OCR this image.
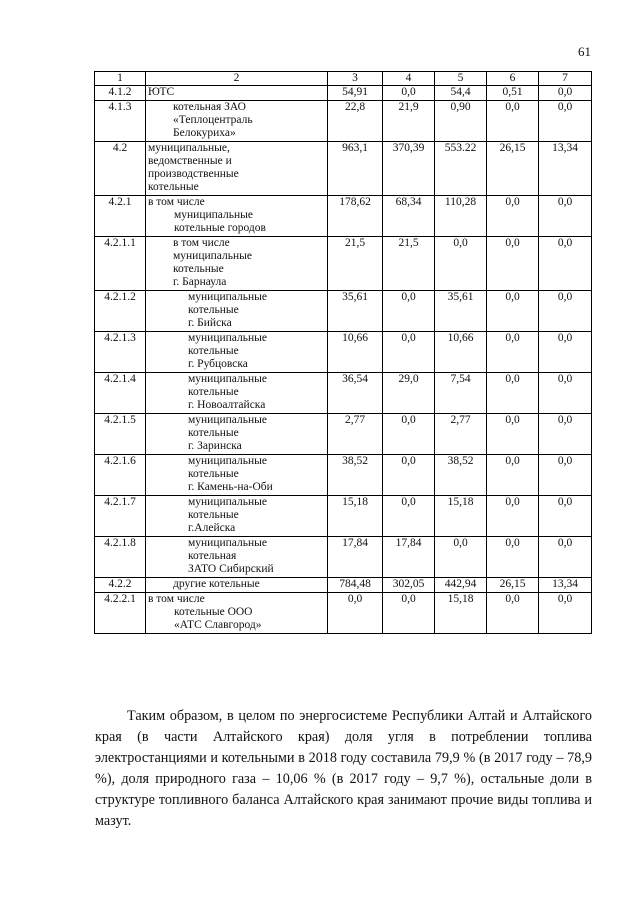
61
1	2	3	4	5	6	7
4.1.2	ЮТС	54,91	0,0	54,4	0,51	0,0
4.1.3	котельная ЗАО
«Теплоцентраль
Белокуриха»	22,8	21,9	0,90	0,0	0,0
4.2	муниципальные,
ведомственные и
производственные
котельные	963,1	370,39	553.22	26,15	13,34
4.2.1	в том числе
муниципальные
котельные городов	178,62	68,34	110,28	0,0	0,0
4.2.1.1	в том числе
муниципальные
котельные
г. Барнаула	21,5	21,5	0,0	0,0	0,0
4.2.1.2	муниципальные
котельные
г. Бийска	35,61	0,0	35,61	0,0	0,0
4.2.1.3	муниципальные
котельные
г. Рубцовска	10,66	0,0	10,66	0,0	0,0
4.2.1.4	муниципальные
котельные
г. Новоалтайска	36,54	29,0	7,54	0,0	0,0
4.2.1.5	муниципальные
котельные
г. Заринска	2,77	0,0	2,77	0,0	0,0
4.2.1.6	муниципальные
котельные
г. Камень-на-Оби	38,52	0,0	38,52	0,0	0,0
4.2.1.7	муниципальные
котельные
г.Алейска	15,18	0,0	15,18	0,0	0,0
4.2.1.8	муниципальные
котельная
ЗАТО Сибирский	17,84	17,84	0,0	0,0	0,0
4.2.2	другие котельные	784,48	302,05	442,94	26,15	13,34
4.2.2.1	в том числе
котельные ООО
«АТС Славгород»	0,0	0,0	15,18	0,0	0,0
Таким образом, в целом по энергосистеме Республики Алтай и Алтайского края (в части Алтайского края) доля угля в потреблении топлива электростанциями и котельными в 2018 году составила 79,9 % (в 2017 году – 78,9 %), доля природного газа – 10,06 % (в 2017 году – 9,7 %), остальные доли в структуре топливного баланса Алтайского края занимают прочие виды топлива и мазут.
